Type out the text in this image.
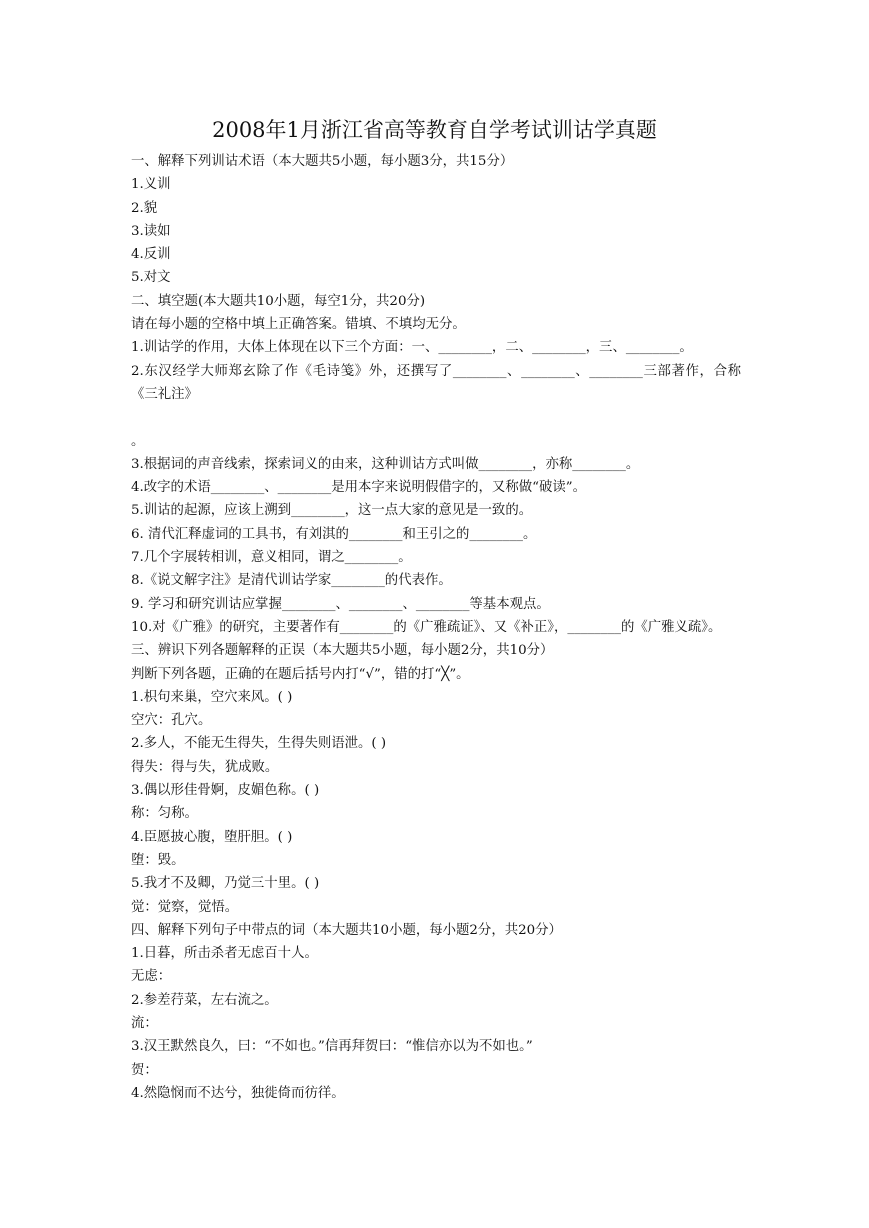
2008年1月浙江省高等教育自学考试训诂学真题
一、解释下列训诂术语（本大题共5小题，每小题3分，共15分）
1.义训
2.貌
3.读如
4.反训
5.对文
二、填空题(本大题共10小题，每空1分，共20分)
请在每小题的空格中填上正确答案。错填、不填均无分。
1.训诂学的作用，大体上体现在以下三个方面：一、________，二、________，三、________。
2.东汉经学大师郑玄除了作《毛诗笺》外，还撰写了________、________、________三部著作，合称《三礼注》
。
3.根据词的声音线索，探索词义的由来，这种训诂方式叫做________，亦称________。
4.改字的术语________、________是用本字来说明假借字的，又称做“破读”。
5.训诂的起源，应该上溯到________，这一点大家的意见是一致的。
6. 清代汇释虚词的工具书，有刘淇的________和王引之的________。
7.几个字展转相训，意义相同，谓之________。
8.《说文解字注》是清代训诂学家________的代表作。
9. 学习和研究训诂应掌握________、________、________等基本观点。
10.对《广雅》的研究，主要著作有________的《广雅疏证》、又《补正》，________的《广雅义疏》。
三、辨识下列各题解释的正误（本大题共5小题，每小题2分，共10分）
判断下列各题，正确的在题后括号内打“√”，错的打“╳”。
1.枳句来巢，空穴来风。( )
空穴：孔穴。
2.多人，不能无生得失，生得失则语泄。( )
得失：得与失，犹成败。
3.偶以形佳骨婀，皮媚色称。( )
称：匀称。
4.臣愿披心腹，堕肝胆。( )
堕：毁。
5.我才不及卿，乃觉三十里。( )
觉：觉察，觉悟。
四、解释下列句子中带点的词（本大题共10小题，每小题2分，共20分）
1.日暮，所击杀者无虑百十人。
无虑：
2.参差荇菜，左右流之。
流：
3.汉王默然良久，曰：“不如也。”信再拜贺曰：“惟信亦以为不如也。”
贺：
4.然隐悯而不达兮，独徙倚而彷徉。
